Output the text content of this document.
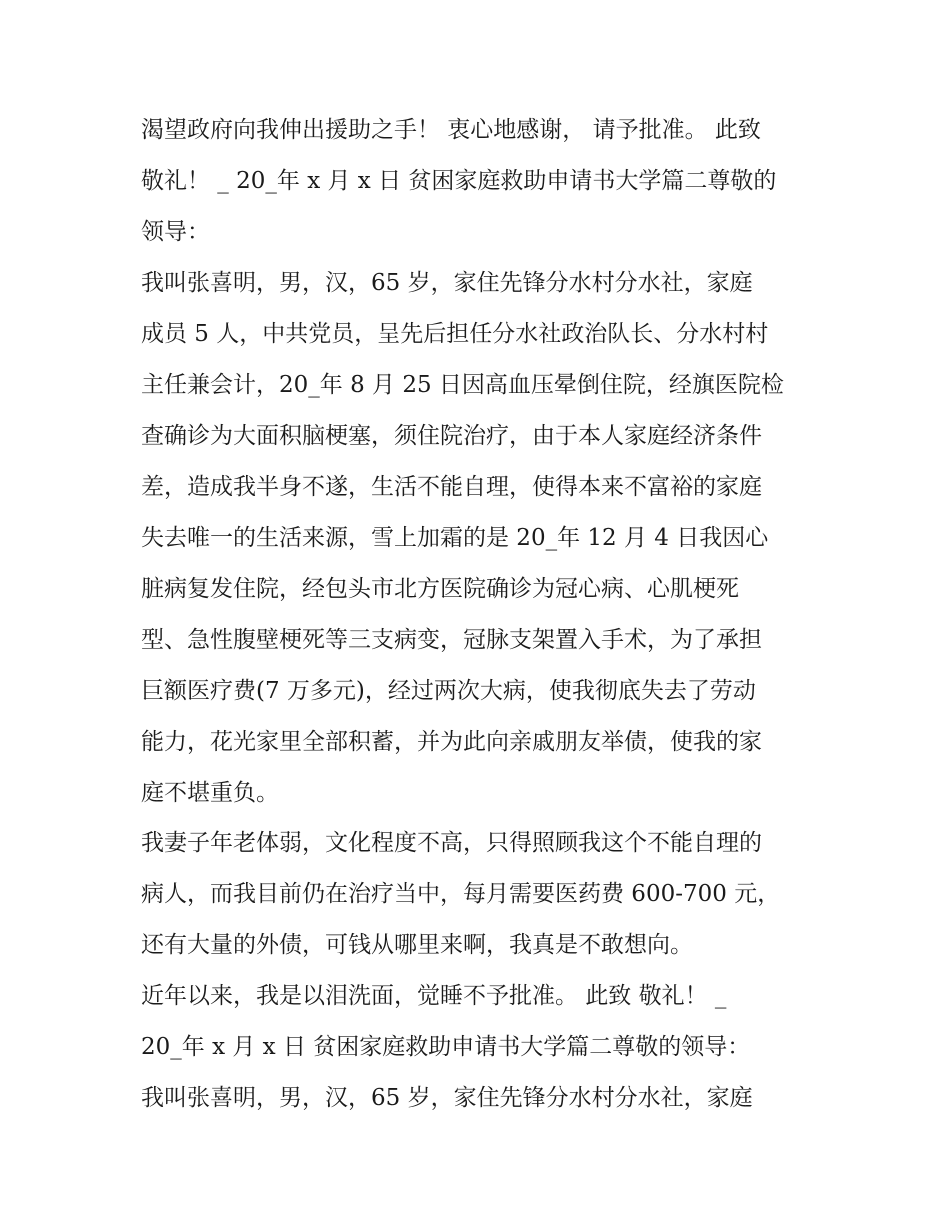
渴望政府向我伸出援助之手！ 衷心地感谢， 请予批准。 此致
敬礼！ _ 20_年 x 月 x 日 贫困家庭救助申请书大学篇二尊敬的
领导：
我叫张喜明，男，汉，65 岁，家住先锋分水村分水社，家庭
成员 5 人，中共党员，呈先后担任分水社政治队长、分水村村
主任兼会计，20_年 8 月 25 日因高血压晕倒住院，经旗医院检
查确诊为大面积脑梗塞，须住院治疗，由于本人家庭经济条件
差，造成我半身不遂，生活不能自理，使得本来不富裕的家庭
失去唯一的生活来源，雪上加霜的是 20_年 12 月 4 日我因心
脏病复发住院，经包头市北方医院确诊为冠心病、心肌梗死
型、急性腹壁梗死等三支病变，冠脉支架置入手术，为了承担
巨额医疗费(7 万多元)，经过两次大病，使我彻底失去了劳动
能力，花光家里全部积蓄，并为此向亲戚朋友举债，使我的家
庭不堪重负。
我妻子年老体弱，文化程度不高，只得照顾我这个不能自理的
病人，而我目前仍在治疗当中，每月需要医药费 600-700 元，
还有大量的外债，可钱从哪里来啊，我真是不敢想向。
近年以来，我是以泪洗面，觉睡不予批准。 此致 敬礼！ _
20_年 x 月 x 日 贫困家庭救助申请书大学篇二尊敬的领导：
我叫张喜明，男，汉，65 岁，家住先锋分水村分水社，家庭
